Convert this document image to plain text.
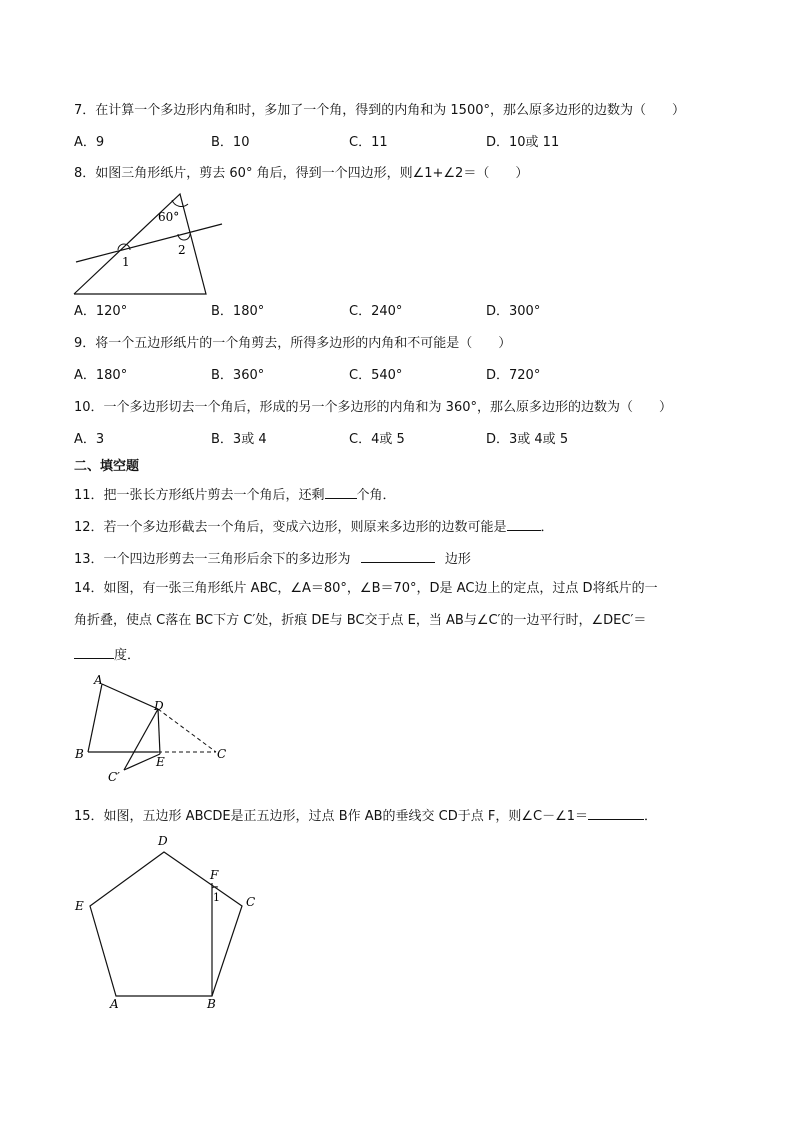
7．在计算一个多边形内角和时，多加了一个角，得到的内角和为 1500°，那么原多边形的边数为（　　）
A．9	B．10	C．11	D．10或 11
8．如图三角形纸片，剪去 60° 角后，得到一个四边形，则∠1+∠2＝（　　）
60°
1
2
A．120°	B．180°	C．240°	D．300°
9．将一个五边形纸片的一个角剪去，所得多边形的内角和不可能是（　　）
A．180°	B．360°	C．540°	D．720°
10．一个多边形切去一个角后，形成的另一个多边形的内角和为 360°，那么原多边形的边数为（　　）
A．3	B．3或 4	C．4或 5	D．3或 4或 5
二、填空题
11．把一张长方形纸片剪去一个角后，还剩 个角．
12．若一个多边形截去一个角后，变成六边形，则原来多边形的边数可能是	．
13．一个四边形剪去一三角形后余下的多边形为	边形
14．如图，有一张三角形纸片 ABC，∠A＝80°，∠B＝70°，D是 AC边上的定点，过点 D将纸片的一
角折叠，使点 C落在 BC下方 C′处，折痕 DE与 BC交于点 E，当 AB与∠C′的一边平行时，∠DEC′＝
度．
A
B	C
D
E
C′
15．如图，五边形 ABCDE是正五边形，过点 B作 AB的垂线交 CD于点 F，则∠C－∠1＝	．
D
E	C
A	B
F
1
